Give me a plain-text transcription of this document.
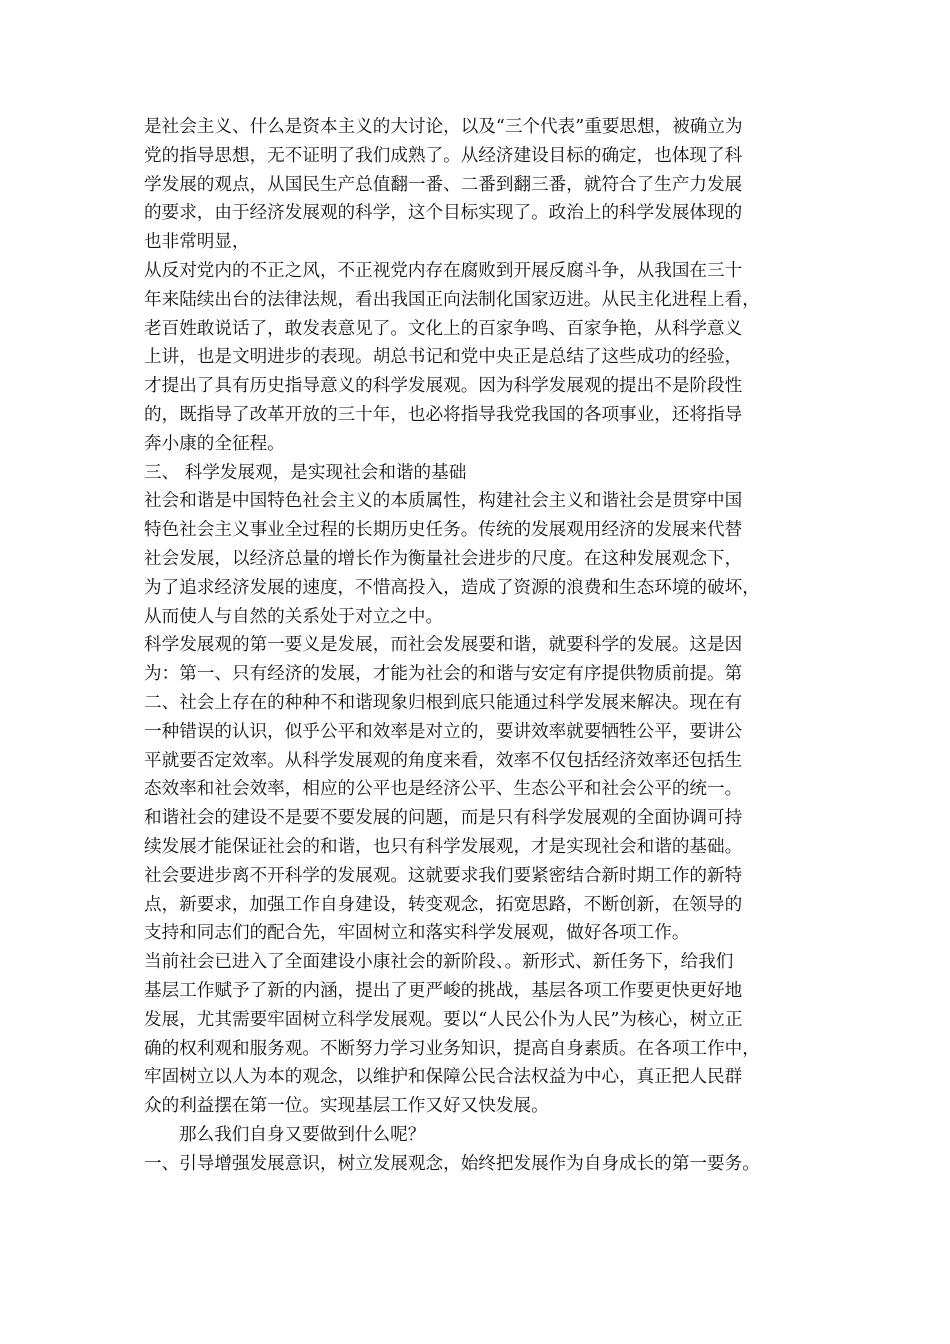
是社会主义、什么是资本主义的大讨论，以及“三个代表”重要思想，被确立为
党的指导思想，无不证明了我们成熟了。从经济建设目标的确定，也体现了科
学发展的观点，从国民生产总值翻一番、二番到翻三番，就符合了生产力发展
的要求，由于经济发展观的科学，这个目标实现了。政治上的科学发展体现的
也非常明显，
从反对党内的不正之风，不正视党内存在腐败到开展反腐斗争，从我国在三十
年来陆续出台的法律法规，看出我国正向法制化国家迈进。从民主化进程上看，
老百姓敢说话了，敢发表意见了。文化上的百家争鸣、百家争艳，从科学意义
上讲，也是文明进步的表现。胡总书记和党中央正是总结了这些成功的经验，
才提出了具有历史指导意义的科学发展观。因为科学发展观的提出不是阶段性
的，既指导了改革开放的三十年，也必将指导我党我国的各项事业，还将指导
奔小康的全征程。
三、 科学发展观，是实现社会和谐的基础
社会和谐是中国特色社会主义的本质属性，构建社会主义和谐社会是贯穿中国
特色社会主义事业全过程的长期历史任务。传统的发展观用经济的发展来代替
社会发展，以经济总量的增长作为衡量社会进步的尺度。在这种发展观念下，
为了追求经济发展的速度，不惜高投入，造成了资源的浪费和生态环境的破坏，
从而使人与自然的关系处于对立之中。
科学发展观的第一要义是发展，而社会发展要和谐，就要科学的发展。这是因
为：第一、只有经济的发展，才能为社会的和谐与安定有序提供物质前提。第
二、社会上存在的种种不和谐现象归根到底只能通过科学发展来解决。现在有
一种错误的认识，似乎公平和效率是对立的，要讲效率就要牺牲公平，要讲公
平就要否定效率。从科学发展观的角度来看，效率不仅包括经济效率还包括生
态效率和社会效率，相应的公平也是经济公平、生态公平和社会公平的统一。
和谐社会的建设不是要不要发展的问题，而是只有科学发展观的全面协调可持
续发展才能保证社会的和谐，也只有科学发展观，才是实现社会和谐的基础。
社会要进步离不开科学的发展观。这就要求我们要紧密结合新时期工作的新特
点，新要求，加强工作自身建设，转变观念，拓宽思路，不断创新，在领导的
支持和同志们的配合先，牢固树立和落实科学发展观，做好各项工作。
当前社会已进入了全面建设小康社会的新阶段、。新形式、新任务下，给我们
基层工作赋予了新的内涵，提出了更严峻的挑战，基层各项工作要更快更好地
发展，尤其需要牢固树立科学发展观。要以“人民公仆为人民”为核心，树立正
确的权利观和服务观。不断努力学习业务知识，提高自身素质。在各项工作中，
牢固树立以人为本的观念，以维护和保障公民合法权益为中心，真正把人民群
众的利益摆在第一位。实现基层工作又好又快发展。
那么我们自身又要做到什么呢？
一、引导增强发展意识，树立发展观念，始终把发展作为自身成长的第一要务。
